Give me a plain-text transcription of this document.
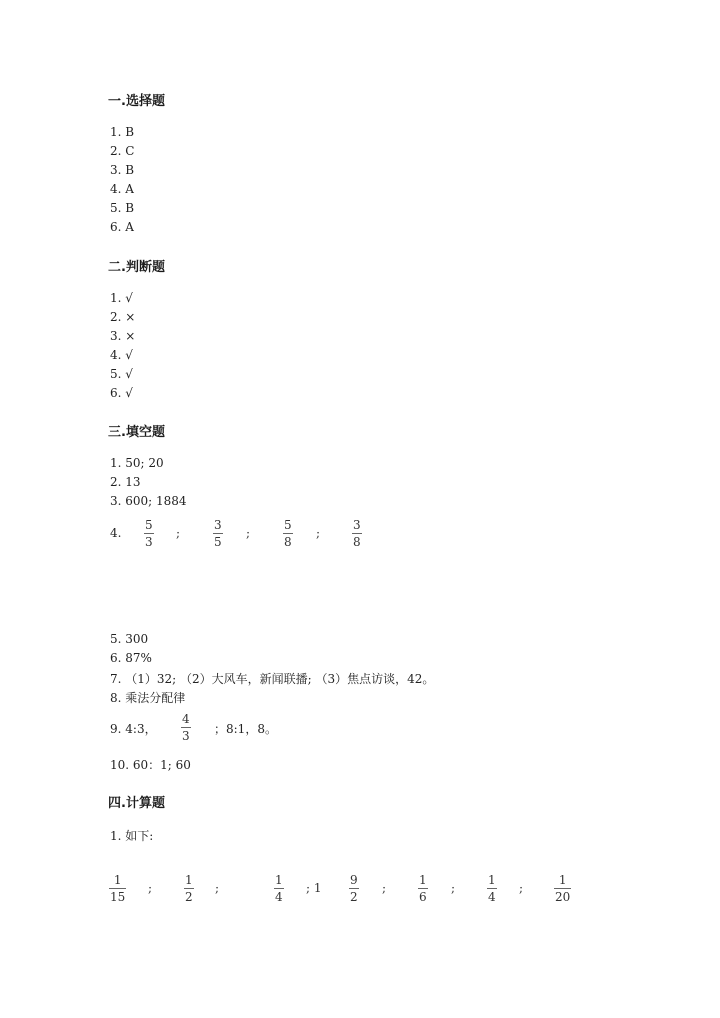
一.选择题
1. B
2. C
3. B
4. A
5. B
6. A
二.判断题
1. √
2. ×
3. ×
4. √
5. √
6. √
三.填空题
1. 50; 20
2. 13
3. 600; 1884
4.
5
3
;
3
5
;
5
8
;
3
8
5. 300
6. 87%
7. （1）32; （2）大风车，新闻联播; （3）焦点访谈，42。
8. 乘法分配律
9. 4:3，
4
3 ；8:1，8。
10. 60：1; 60
四.计算题
1. 如下:
1
15
;
1
2
;
1
4
; 1
9
2
;
1
6
;
1
4
;
1
20
